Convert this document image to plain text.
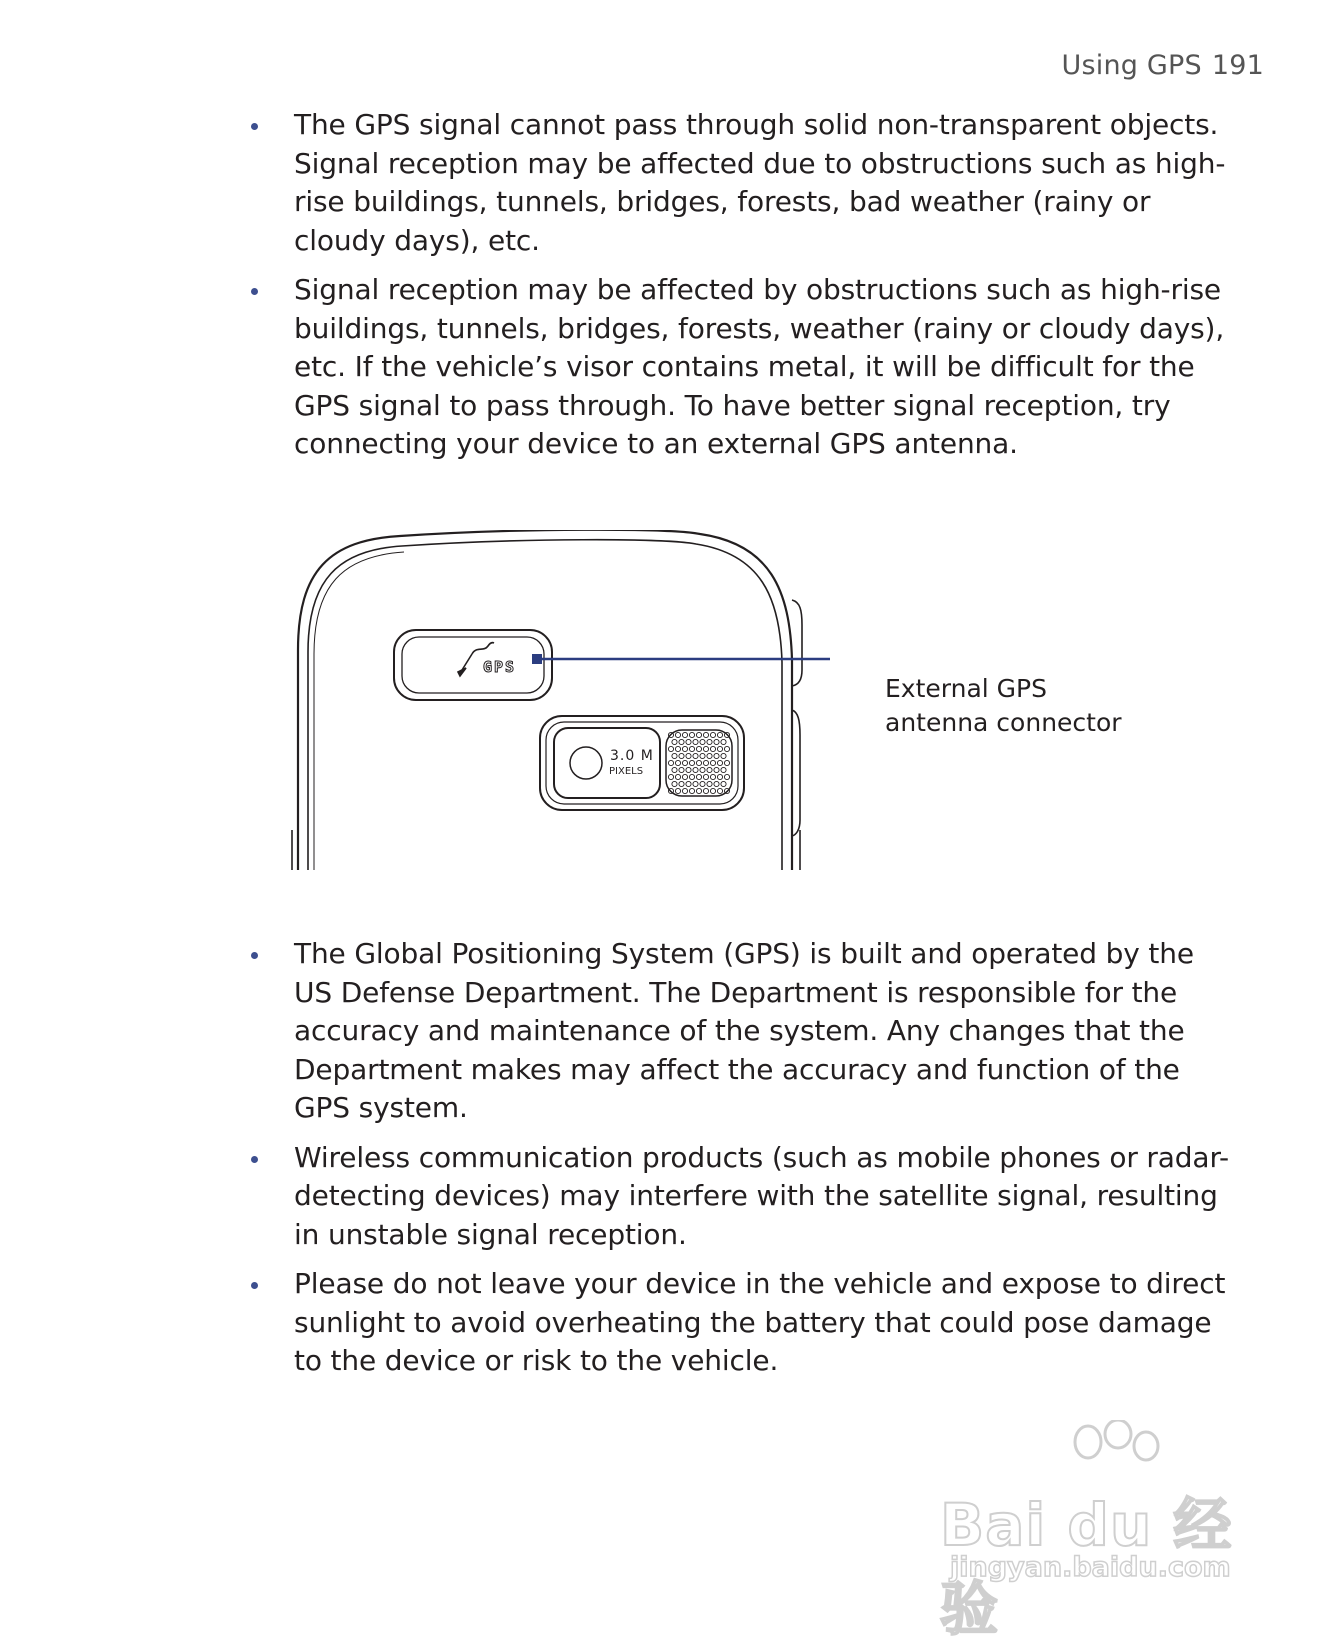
Using GPS 191
The GPS signal cannot pass through solid non-transparent objects. Signal reception may be affected due to obstructions such as high-rise buildings, tunnels, bridges, forests, bad weather (rainy or cloudy days), etc.
Signal reception may be affected by obstructions such as high-rise buildings, tunnels, bridges, forests, weather (rainy or cloudy days), etc. If the vehicle’s visor contains metal, it will be difficult for the GPS signal to pass through. To have better signal reception, try connecting your device to an external GPS antenna.
GPS
3.0 M
PIXELS
External GPS
antenna connector
The Global Positioning System (GPS) is built and operated by the US Defense Department. The Department is responsible for the accuracy and maintenance of the system. Any changes that the Department makes may affect the accuracy and function of the GPS system.
Wireless communication products (such as mobile phones or radar-detecting devices) may interfere with the satellite signal, resulting in unstable signal reception.
Please do not leave your device in the vehicle and expose to direct sunlight to avoid overheating the battery that could pose damage to the device or risk to the vehicle.
Bai du 经验
jingyan.baidu.com
